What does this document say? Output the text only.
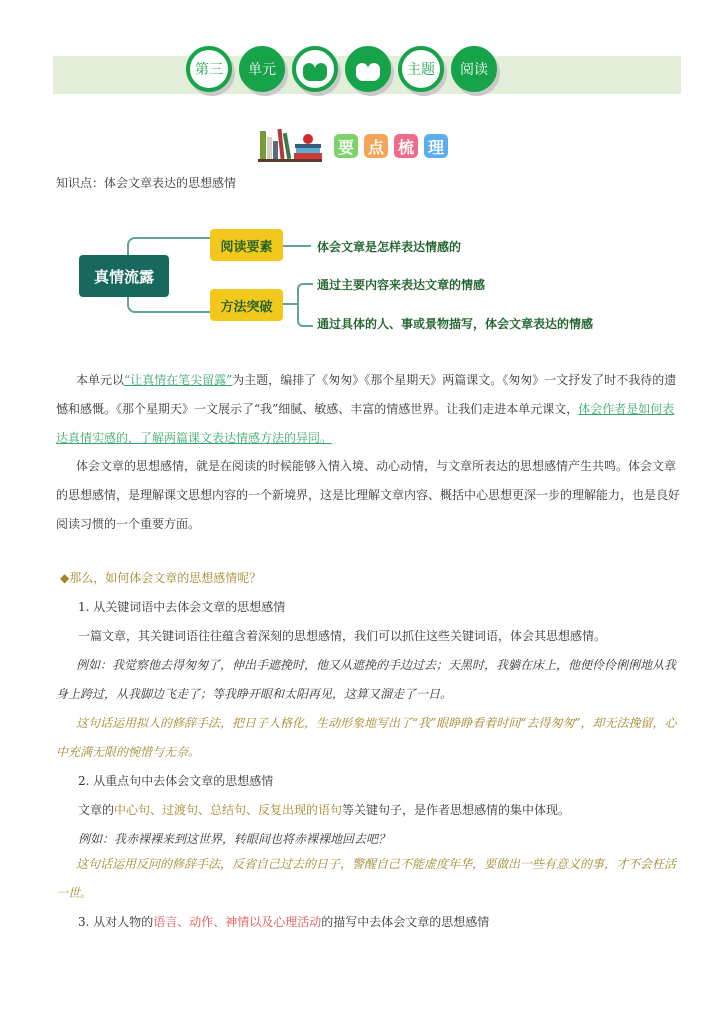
第三 单元	主题 阅读
要 点 梳 理
知识点：体会文章表达的思想感情
真情流露
阅读要素
方法突破
体会文章是怎样表达情感的
通过主要内容来表达文章的情感
通过具体的人、事或景物描写，体会文章表达的情感
本单元以“让真情在笔尖留露”为主题，编排了《匆匆》《那个星期天》两篇课文。《匆匆》一文抒发了时不我待的遗憾和感慨。《那个星期天》一文展示了“我”细腻、敏感、丰富的情感世界。让我们走进本单元课文，体会作者是如何表达真情实感的，了解两篇课文表达情感方法的异同。
体会文章的思想感情，就是在阅读的时候能够入情入境、动心动情，与文章所表达的思想感情产生共鸣。体会文章的思想感情，是理解课文思想内容的一个新境界，这是比理解文章内容、概括中心思想更深一步的理解能力，也是良好阅读习惯的一个重要方面。
◆那么，如何体会文章的思想感情呢？
1. 从关键词语中去体会文章的思想感情
一篇文章，其关键词语往往蕴含着深刻的思想感情，我们可以抓住这些关键词语，体会其思想感情。
例如：我觉察他去得匆匆了，伸出手遮挽时，他又从遮挽的手边过去；天黑时，我躺在床上，他便伶伶俐俐地从我身上跨过，从我脚边飞走了；等我睁开眼和太阳再见，这算又溜走了一日。
这句话运用拟人的修辞手法，把日子人格化，生动形象地写出了“我”眼睁睁看着时间“去得匆匆”，却无法挽留，心中充满无限的惋惜与无奈。
2. 从重点句中去体会文章的思想感情
文章的中心句、过渡句、总结句、反复出现的语句等关键句子，是作者思想感情的集中体现。
例如：我赤裸裸来到这世界，转眼间也将赤裸裸地回去吧？
这句话运用反问的修辞手法，反省自己过去的日子，警醒自己不能虚度年华，要做出一些有意义的事，才不会枉活一世。
3. 从对人物的语言、动作、神情以及心理活动的描写中去体会文章的思想感情
